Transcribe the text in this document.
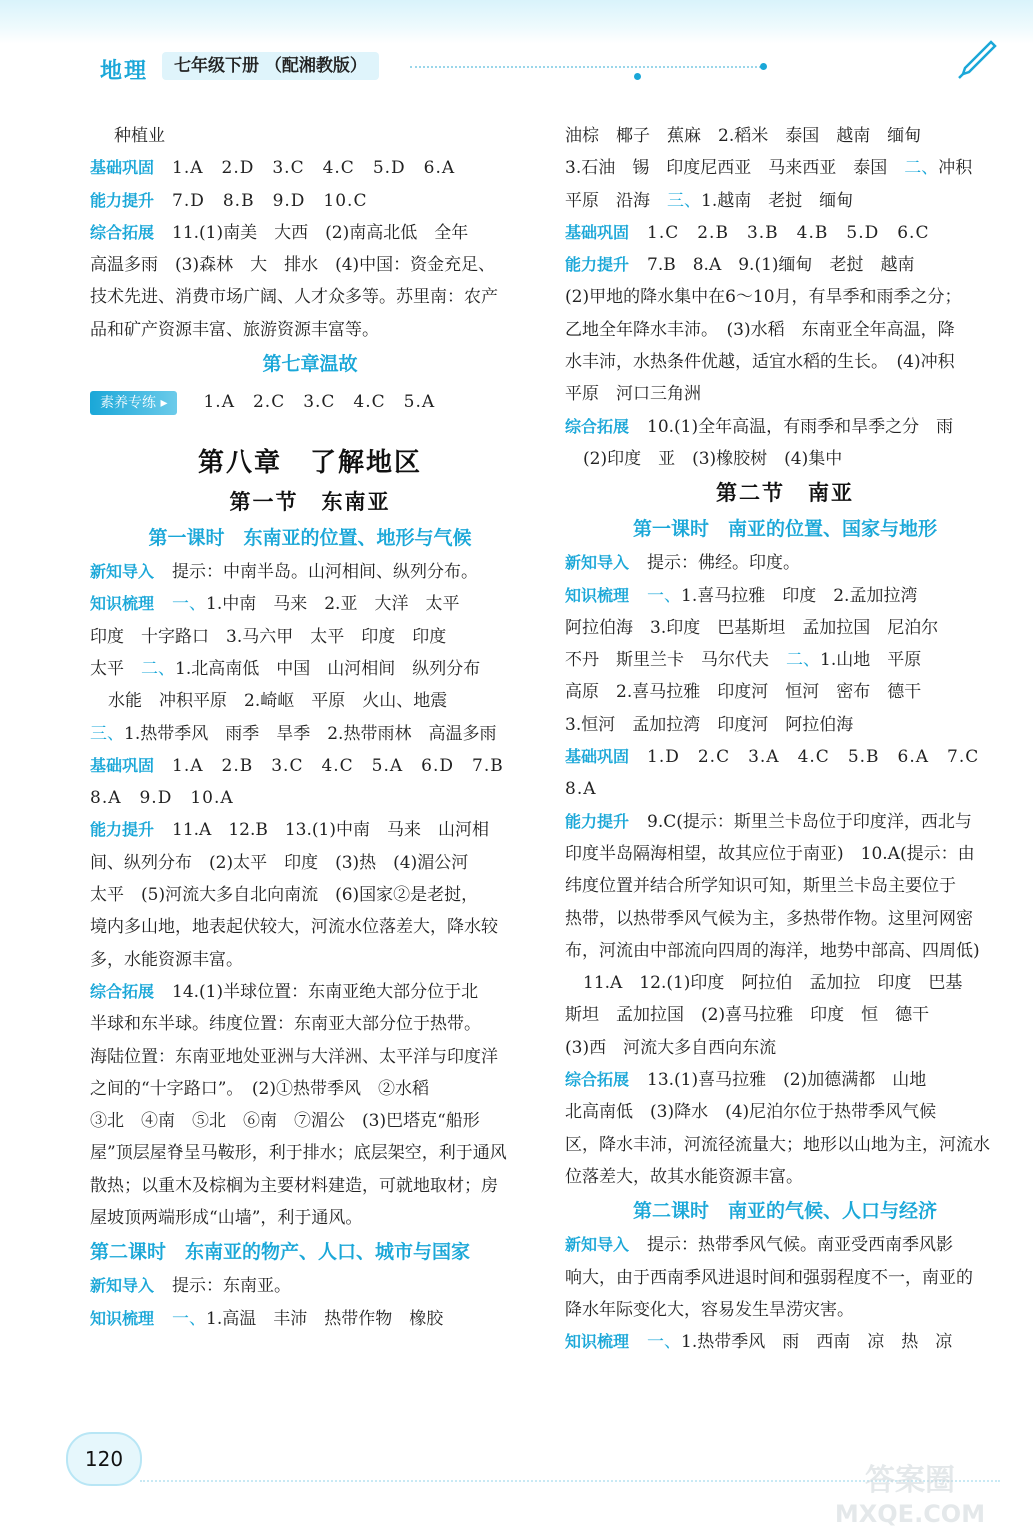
地理	七年级下册 （配湘教版）
种植业
基础巩固 1.A　2.D　3.C　4.C　5.D　6.A
能力提升 7.D　8.B　9.D　10.C
综合拓展 11.(1)南美　大西　(2)南高北低　全年
高温多雨　(3)森林　大　排水　(4)中国：资金充足、
技术先进、消费市场广阔、人才众多等。苏里南：农产
品和矿产资源丰富、旅游资源丰富等。
第七章温故
素养专练 ▸ 1.A　2.C　3.C　4.C　5.A
第八章　了解地区
第一节　东南亚
第一课时　东南亚的位置、地形与气候
新知导入 提示：中南半岛。山河相间、纵列分布。
知识梳理 一、1.中南　马来　2.亚　大洋　太平
印度　十字路口　3.马六甲　太平　印度　印度
太平　二、1.北高南低　中国　山河相间　纵列分布
水能　冲积平原　2.崎岖　平原　火山、地震
三、1.热带季风　雨季　旱季　2.热带雨林　高温多雨
基础巩固 1.A　2.B　3.C　4.C　5.A　6.D　7.B
8.A　9.D　10.A
能力提升 11.A　12.B　13.(1)中南　马来　山河相
间、纵列分布　(2)太平　印度　(3)热　(4)湄公河
太平　(5)河流大多自北向南流　(6)国家②是老挝，
境内多山地，地表起伏较大，河流水位落差大，降水较
多，水能资源丰富。
综合拓展 14.(1)半球位置：东南亚绝大部分位于北
半球和东半球。纬度位置：东南亚大部分位于热带。
海陆位置：东南亚地处亚洲与大洋洲、太平洋与印度洋
之间的“十字路口”。　(2)①热带季风　②水稻
③北　④南　⑤北　⑥南　⑦湄公　(3)巴塔克“船形
屋”顶层屋脊呈马鞍形，利于排水；底层架空，利于通风
散热；以重木及棕榈为主要材料建造，可就地取材；房
屋坡顶两端形成“山墙”，利于通风。
第二课时　东南亚的物产、人口、城市与国家
新知导入 提示：东南亚。
知识梳理 一、1.高温　丰沛　热带作物　橡胶
油棕　椰子　蕉麻　2.稻米　泰国　越南　缅甸
3.石油　锡　印度尼西亚　马来西亚　泰国　二、冲积
平原　沿海　三、1.越南　老挝　缅甸
基础巩固 1.C　2.B　3.B　4.B　5.D　6.C
能力提升 7.B　8.A　9.(1)缅甸　老挝　越南
(2)甲地的降水集中在6～10月，有旱季和雨季之分；
乙地全年降水丰沛。　(3)水稻　东南亚全年高温，降
水丰沛，水热条件优越，适宜水稻的生长。　(4)冲积
平原　河口三角洲
综合拓展 10.(1)全年高温，有雨季和旱季之分　雨
(2)印度　亚　(3)橡胶树　(4)集中
第二节　南亚
第一课时　南亚的位置、国家与地形
新知导入 提示：佛经。印度。
知识梳理 一、1.喜马拉雅　印度　2.孟加拉湾
阿拉伯海　3.印度　巴基斯坦　孟加拉国　尼泊尔
不丹　斯里兰卡　马尔代夫　二、1.山地　平原
高原　2.喜马拉雅　印度河　恒河　密布　德干
3.恒河　孟加拉湾　印度河　阿拉伯海
基础巩固 1.D　2.C　3.A　4.C　5.B　6.A　7.C
8.A
能力提升 9.C(提示：斯里兰卡岛位于印度洋，西北与
印度半岛隔海相望，故其应位于南亚)　10.A(提示：由
纬度位置并结合所学知识可知，斯里兰卡岛主要位于
热带，以热带季风气候为主，多热带作物。这里河网密
布，河流由中部流向四周的海洋，地势中部高、四周低)
11.A　12.(1)印度　阿拉伯　孟加拉　印度　巴基
斯坦　孟加拉国　(2)喜马拉雅　印度　恒　德干
(3)西　河流大多自西向东流
综合拓展 13.(1)喜马拉雅　(2)加德满都　山地
北高南低　(3)降水　(4)尼泊尔位于热带季风气候
区，降水丰沛，河流径流量大；地形以山地为主，河流水
位落差大，故其水能资源丰富。
第二课时　南亚的气候、人口与经济
新知导入 提示：热带季风气候。南亚受西南季风影
响大，由于西南季风进退时间和强弱程度不一，南亚的
降水年际变化大，容易发生旱涝灾害。
知识梳理 一、1.热带季风　雨　西南　凉　热　凉
120
答案圈
MXQE.COM
